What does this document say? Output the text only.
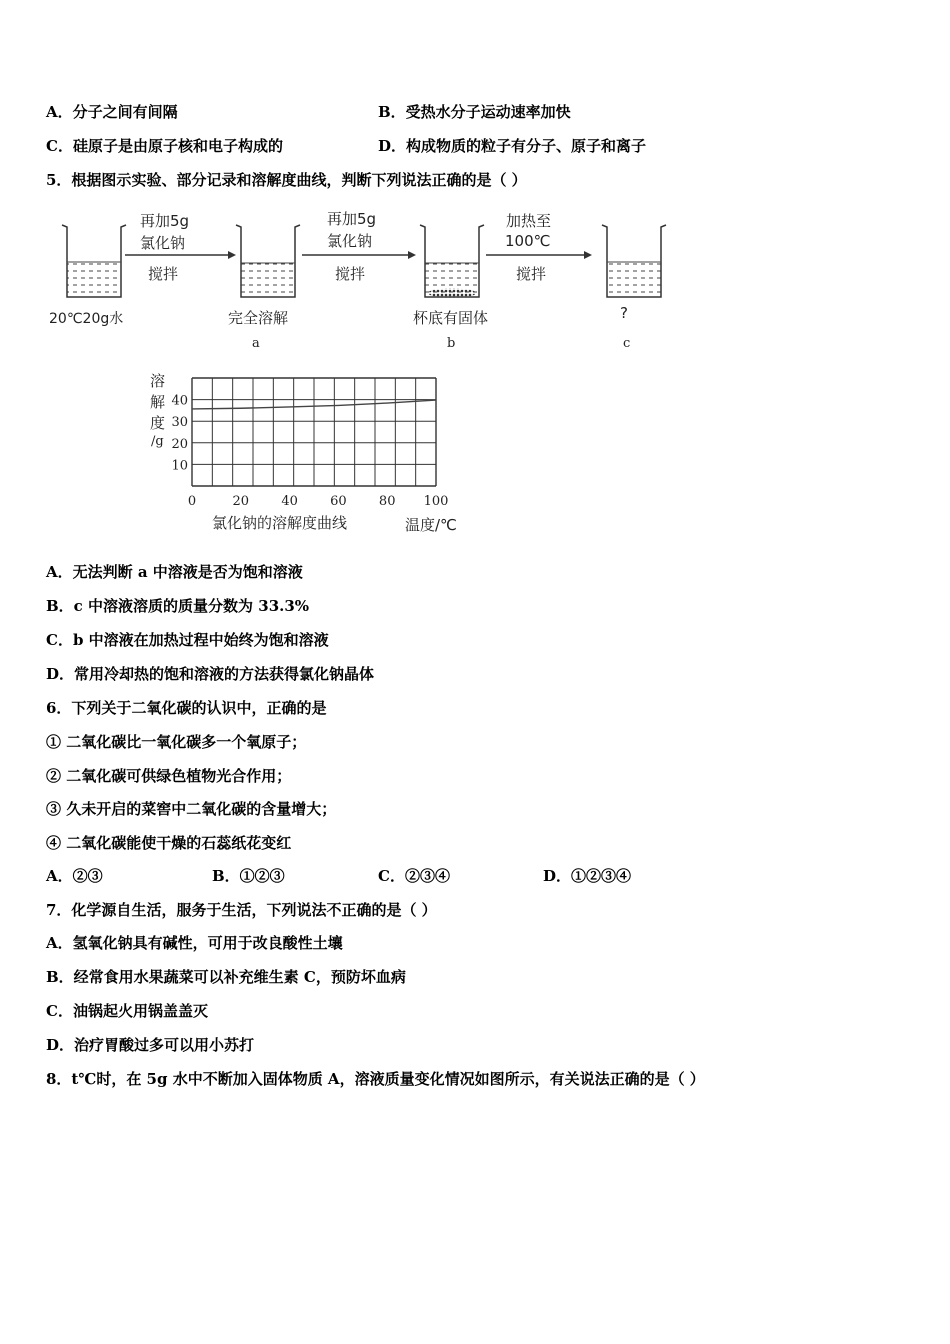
A．分子之间有间隔	B．受热水分子运动速率加快
C．硅原子是由原子核和电子构成的	D．构成物质的粒子有分子、原子和离子
5．根据图示实验、部分记录和溶解度曲线，判断下列说法正确的是（ ）
再加5g
氯化钠
搅拌
再加5g
氯化钠
搅拌
加热至
100℃
搅拌
20℃20g水	完全溶解
a
杯底有固体
b
?
c
溶
解
度
/g
0	20 40 60 80 100
10
20
30
40
氯化钠的溶解度曲线	温度/℃
A．无法判断 a 中溶液是否为饱和溶液
B．c 中溶液溶质的质量分数为 33.3%
C．b 中溶液在加热过程中始终为饱和溶液
D．常用冷却热的饱和溶液的方法获得氯化钠晶体
6．下列关于二氧化碳的认识中，正确的是
① 二氧化碳比一氧化碳多一个氧原子；
② 二氧化碳可供绿色植物光合作用；
③ 久未开启的菜窖中二氧化碳的含量增大；
④ 二氧化碳能使干燥的石蕊纸花变红
A．②③	B．①②③	C．②③④	D．①②③④
7．化学源自生活，服务于生活，下列说法不正确的是（ ）
A．氢氧化钠具有碱性，可用于改良酸性土壤
B．经常食用水果蔬菜可以补充维生素 C，预防坏血病
C．油锅起火用锅盖盖灭
D．治疗胃酸过多可以用小苏打
8．t℃时，在 5g 水中不断加入固体物质 A，溶液质量变化情况如图所示，有关说法正确的是（ ）
